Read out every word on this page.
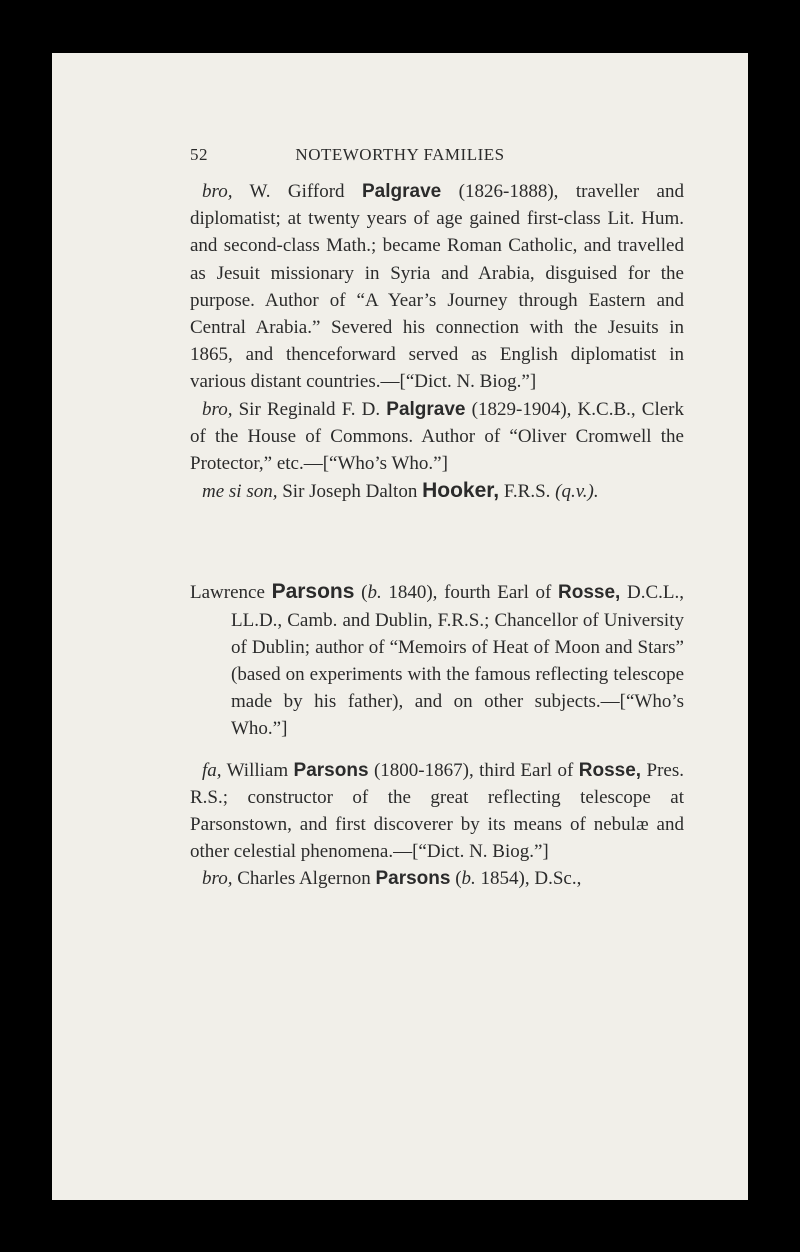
52	NOTEWORTHY FAMILIES

bro, W. Gifford Palgrave (1826-1888), traveller and diplomatist; at twenty years of age gained first-class Lit. Hum. and second-class Math.; became Roman Catholic, and travelled as Jesuit missionary in Syria and Arabia, disguised for the purpose. Author of “A Year’s Journey through Eastern and Central Arabia.” Severed his connection with the Jesuits in 1865, and thenceforward served as English diplomatist in various distant countries.—[“Dict. N. Biog.”]

bro, Sir Reginald F. D. Palgrave (1829-1904), K.C.B., Clerk of the House of Commons. Author of “Oliver Cromwell the Protector,” etc.—[“Who’s Who.”]

me si son, Sir Joseph Dalton Hooker, F.R.S. (q.v.).

Lawrence Parsons (b. 1840), fourth Earl of Rosse, D.C.L., LL.D., Camb. and Dublin, F.R.S.; Chancellor of University of Dublin; author of “Memoirs of Heat of Moon and Stars” (based on experiments with the famous reflecting telescope made by his father), and on other subjects.—[“Who’s Who.”]

fa, William Parsons (1800-1867), third Earl of Rosse, Pres. R.S.; constructor of the great reflecting telescope at Parsonstown, and first discoverer by its means of nebulæ and other celestial phenomena.—[“Dict. N. Biog.”]

bro, Charles Algernon Parsons (b. 1854), D.Sc.,
